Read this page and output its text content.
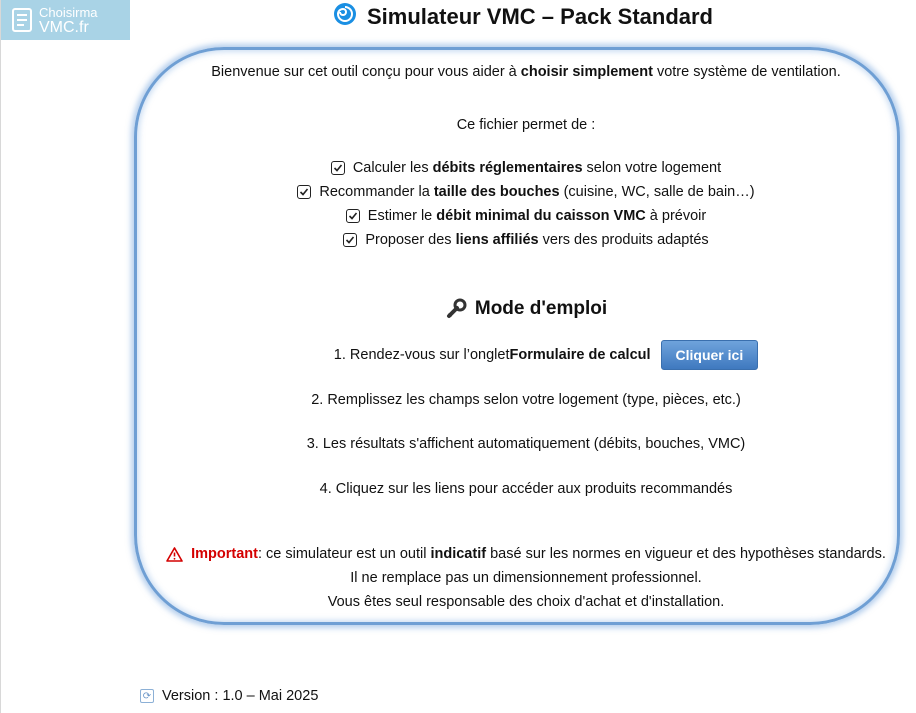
Choisirma
VMC.fr	Simulateur VMC – Pack Standard
Bienvenue sur cet outil conçu pour vous aider à choisir simplement votre système de ventilation.
Ce fichier permet de :
Calculer les
débits réglementaires
selon votre logement
Recommander la
taille des bouches
(cuisine, WC, salle de bain…)
Estimer le
débit minimal du caisson VMC
à prévoir
Proposer des
liens affiliés
vers des produits adaptés
Mode d'emploi
1. Rendez-vous sur l’onglet Formulaire de calcul	Cliquer ici
2. Remplissez les champs selon votre logement (type, pièces, etc.)
3. Les résultats s'affichent automatiquement (débits, bouches, VMC)
4. Cliquez sur les liens pour accéder aux produits recommandés
Important : ce simulateur est un outil
indicatif
basé sur les normes en vigueur et des hypothèses standards.
Il ne remplace pas un dimensionnement professionnel.
Vous êtes seul responsable des choix d'achat et d'installation.
⟳ Version : 1.0 – Mai 2025
